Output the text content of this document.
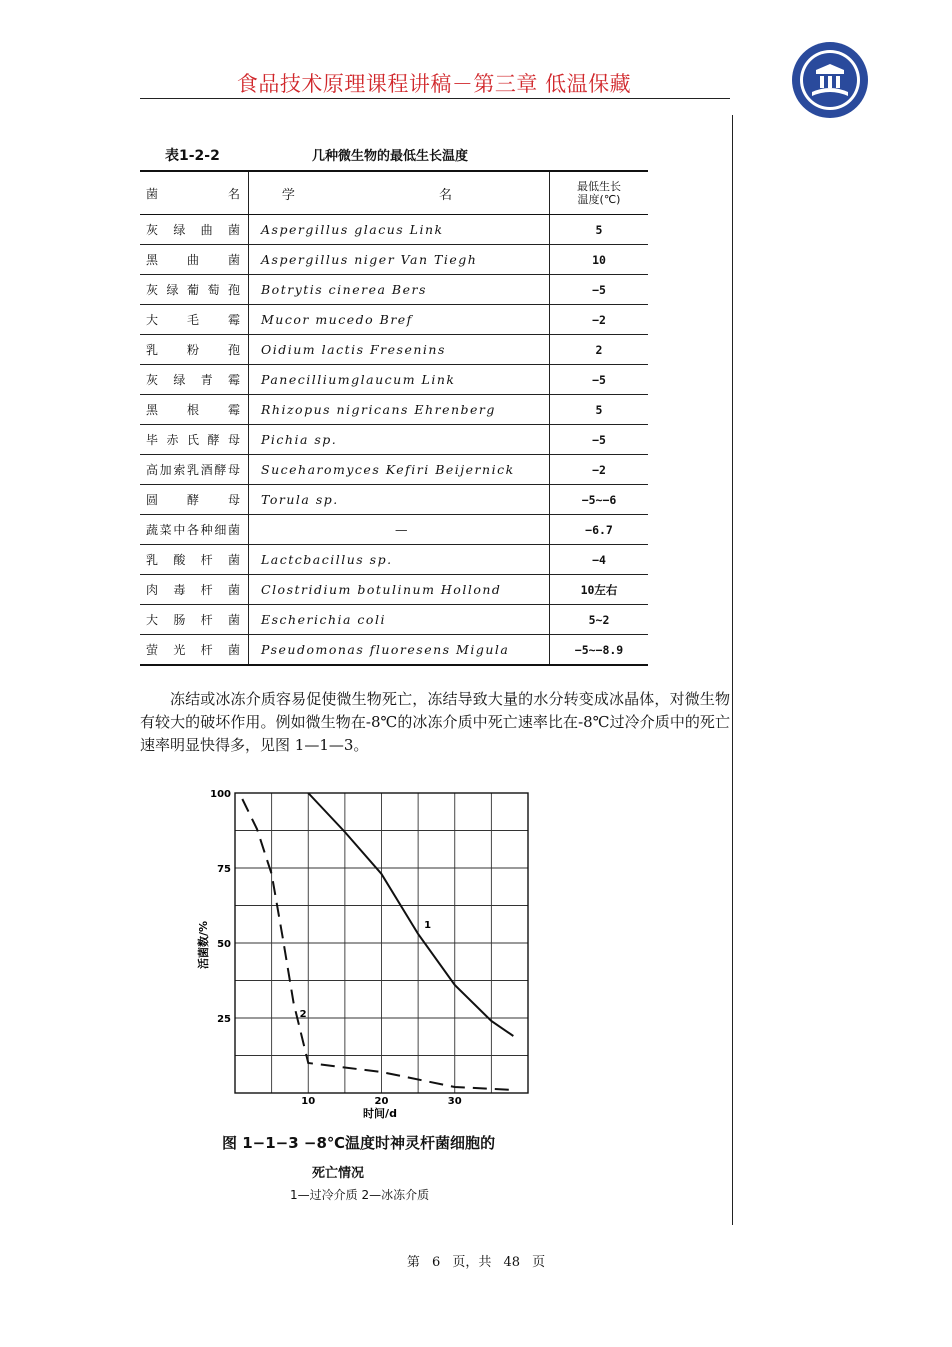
食品技术原理课程讲稿－第三章 低温保藏
表1-2-2	几种微生物的最低生长温度
菌 名	学 名	最低生长
温度(℃)

灰绿曲菌	Aspergillus glacus Link	5
黑曲菌	Aspergillus niger Van Tiegh	10
灰绿葡萄孢	Botrytis cinerea Bers	−5
大毛霉	Mucor mucedo Bref	−2
乳粉孢	Oidium lactis Fresenins	2
灰绿青霉	Panecilliumglaucum Link	−5
黑根霉	Rhizopus nigricans Ehrenberg	5
毕赤氏酵母	Pichia sp.	−5
高加索乳酒酵母	Suceharomyces Kefiri Beijernick	−2
圆酵母	Torula sp.	−5∼−6
蔬菜中各种细菌	—	−6.7
乳酸杆菌	Lactcbacillus sp.	−4
肉毒杆菌	Clostridium botulinum Hollond	10左右
大肠杆菌	Escherichia coli	5∼2
萤光杆菌	Pseudomonas fluoresens Migula	−5∼−8.9
冻结或冰冻介质容易促使微生物死亡，冻结导致大量的水分转变成冰晶体，对微生物有较大的破坏作用。例如微生物在-8℃的冰冻介质中死亡速率比在-8℃过冷介质中的死亡速率明显快得多，见图 1—1—3。
10	20	30
25
50
75
100
1
2
时间/d
活菌数/%
图 1−1−3 −8℃温度时神灵杆菌细胞的
死亡情况
1—过冷介质 2—冰冻介质
第 6 页，共 48 页
